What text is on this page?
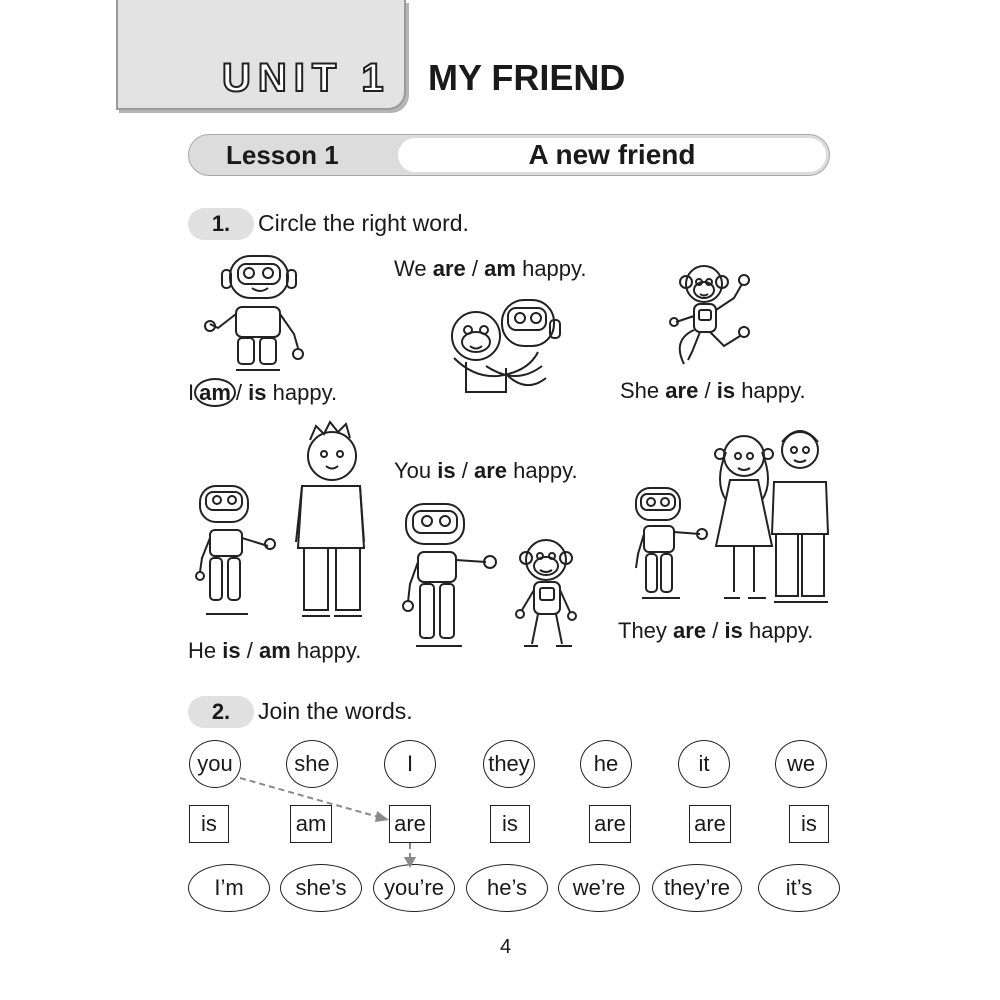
UNIT 1 MY FRIEND
Lesson 1	A new friend
1.	Circle the right word.
I am / is happy.
We are / am happy.
She are / is happy.
You is / are happy.
He is / am happy.
They are / is happy.
2.	Join the words.
you	she	I	they	he	it	we
is	am	are	is	are	are	is
I’m	she’s	you’re	he’s	we’re	they’re	it’s
4
